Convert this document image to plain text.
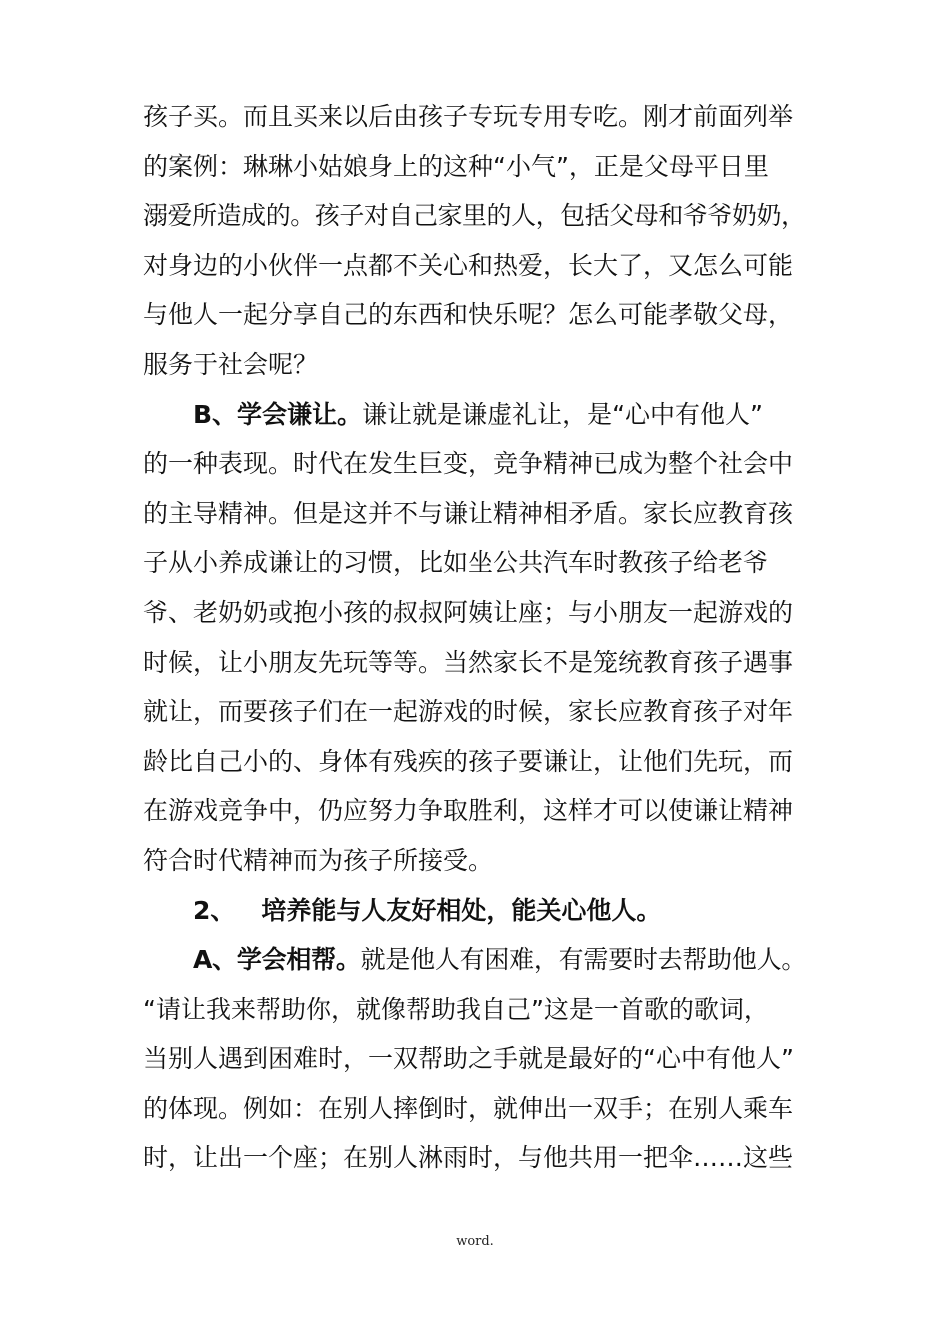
孩子买。而且买来以后由孩子专玩专用专吃。刚才前面列举
的案例：琳琳小姑娘身上的这种“小气”，正是父母平日里
溺爱所造成的。孩子对自己家里的人，包括父母和爷爷奶奶，
对身边的小伙伴一点都不关心和热爱，长大了，又怎么可能
与他人一起分享自己的东西和快乐呢？怎么可能孝敬父母，
服务于社会呢？
B、学会谦让。谦让就是谦虚礼让，是“心中有他人”
的一种表现。时代在发生巨变，竞争精神已成为整个社会中
的主导精神。但是这并不与谦让精神相矛盾。家长应教育孩
子从小养成谦让的习惯，比如坐公共汽车时教孩子给老爷
爷、老奶奶或抱小孩的叔叔阿姨让座；与小朋友一起游戏的
时候，让小朋友先玩等等。当然家长不是笼统教育孩子遇事
就让，而要孩子们在一起游戏的时候，家长应教育孩子对年
龄比自己小的、身体有残疾的孩子要谦让，让他们先玩，而
在游戏竞争中，仍应努力争取胜利，这样才可以使谦让精神
符合时代精神而为孩子所接受。
2、 培养能与人友好相处，能关心他人。
A、学会相帮。就是他人有困难，有需要时去帮助他人。
“请让我来帮助你，就像帮助我自己”这是一首歌的歌词，
当别人遇到困难时，一双帮助之手就是最好的“心中有他人”
的体现。例如：在别人摔倒时，就伸出一双手；在别人乘车
时，让出一个座；在别人淋雨时，与他共用一把伞……这些
word.
